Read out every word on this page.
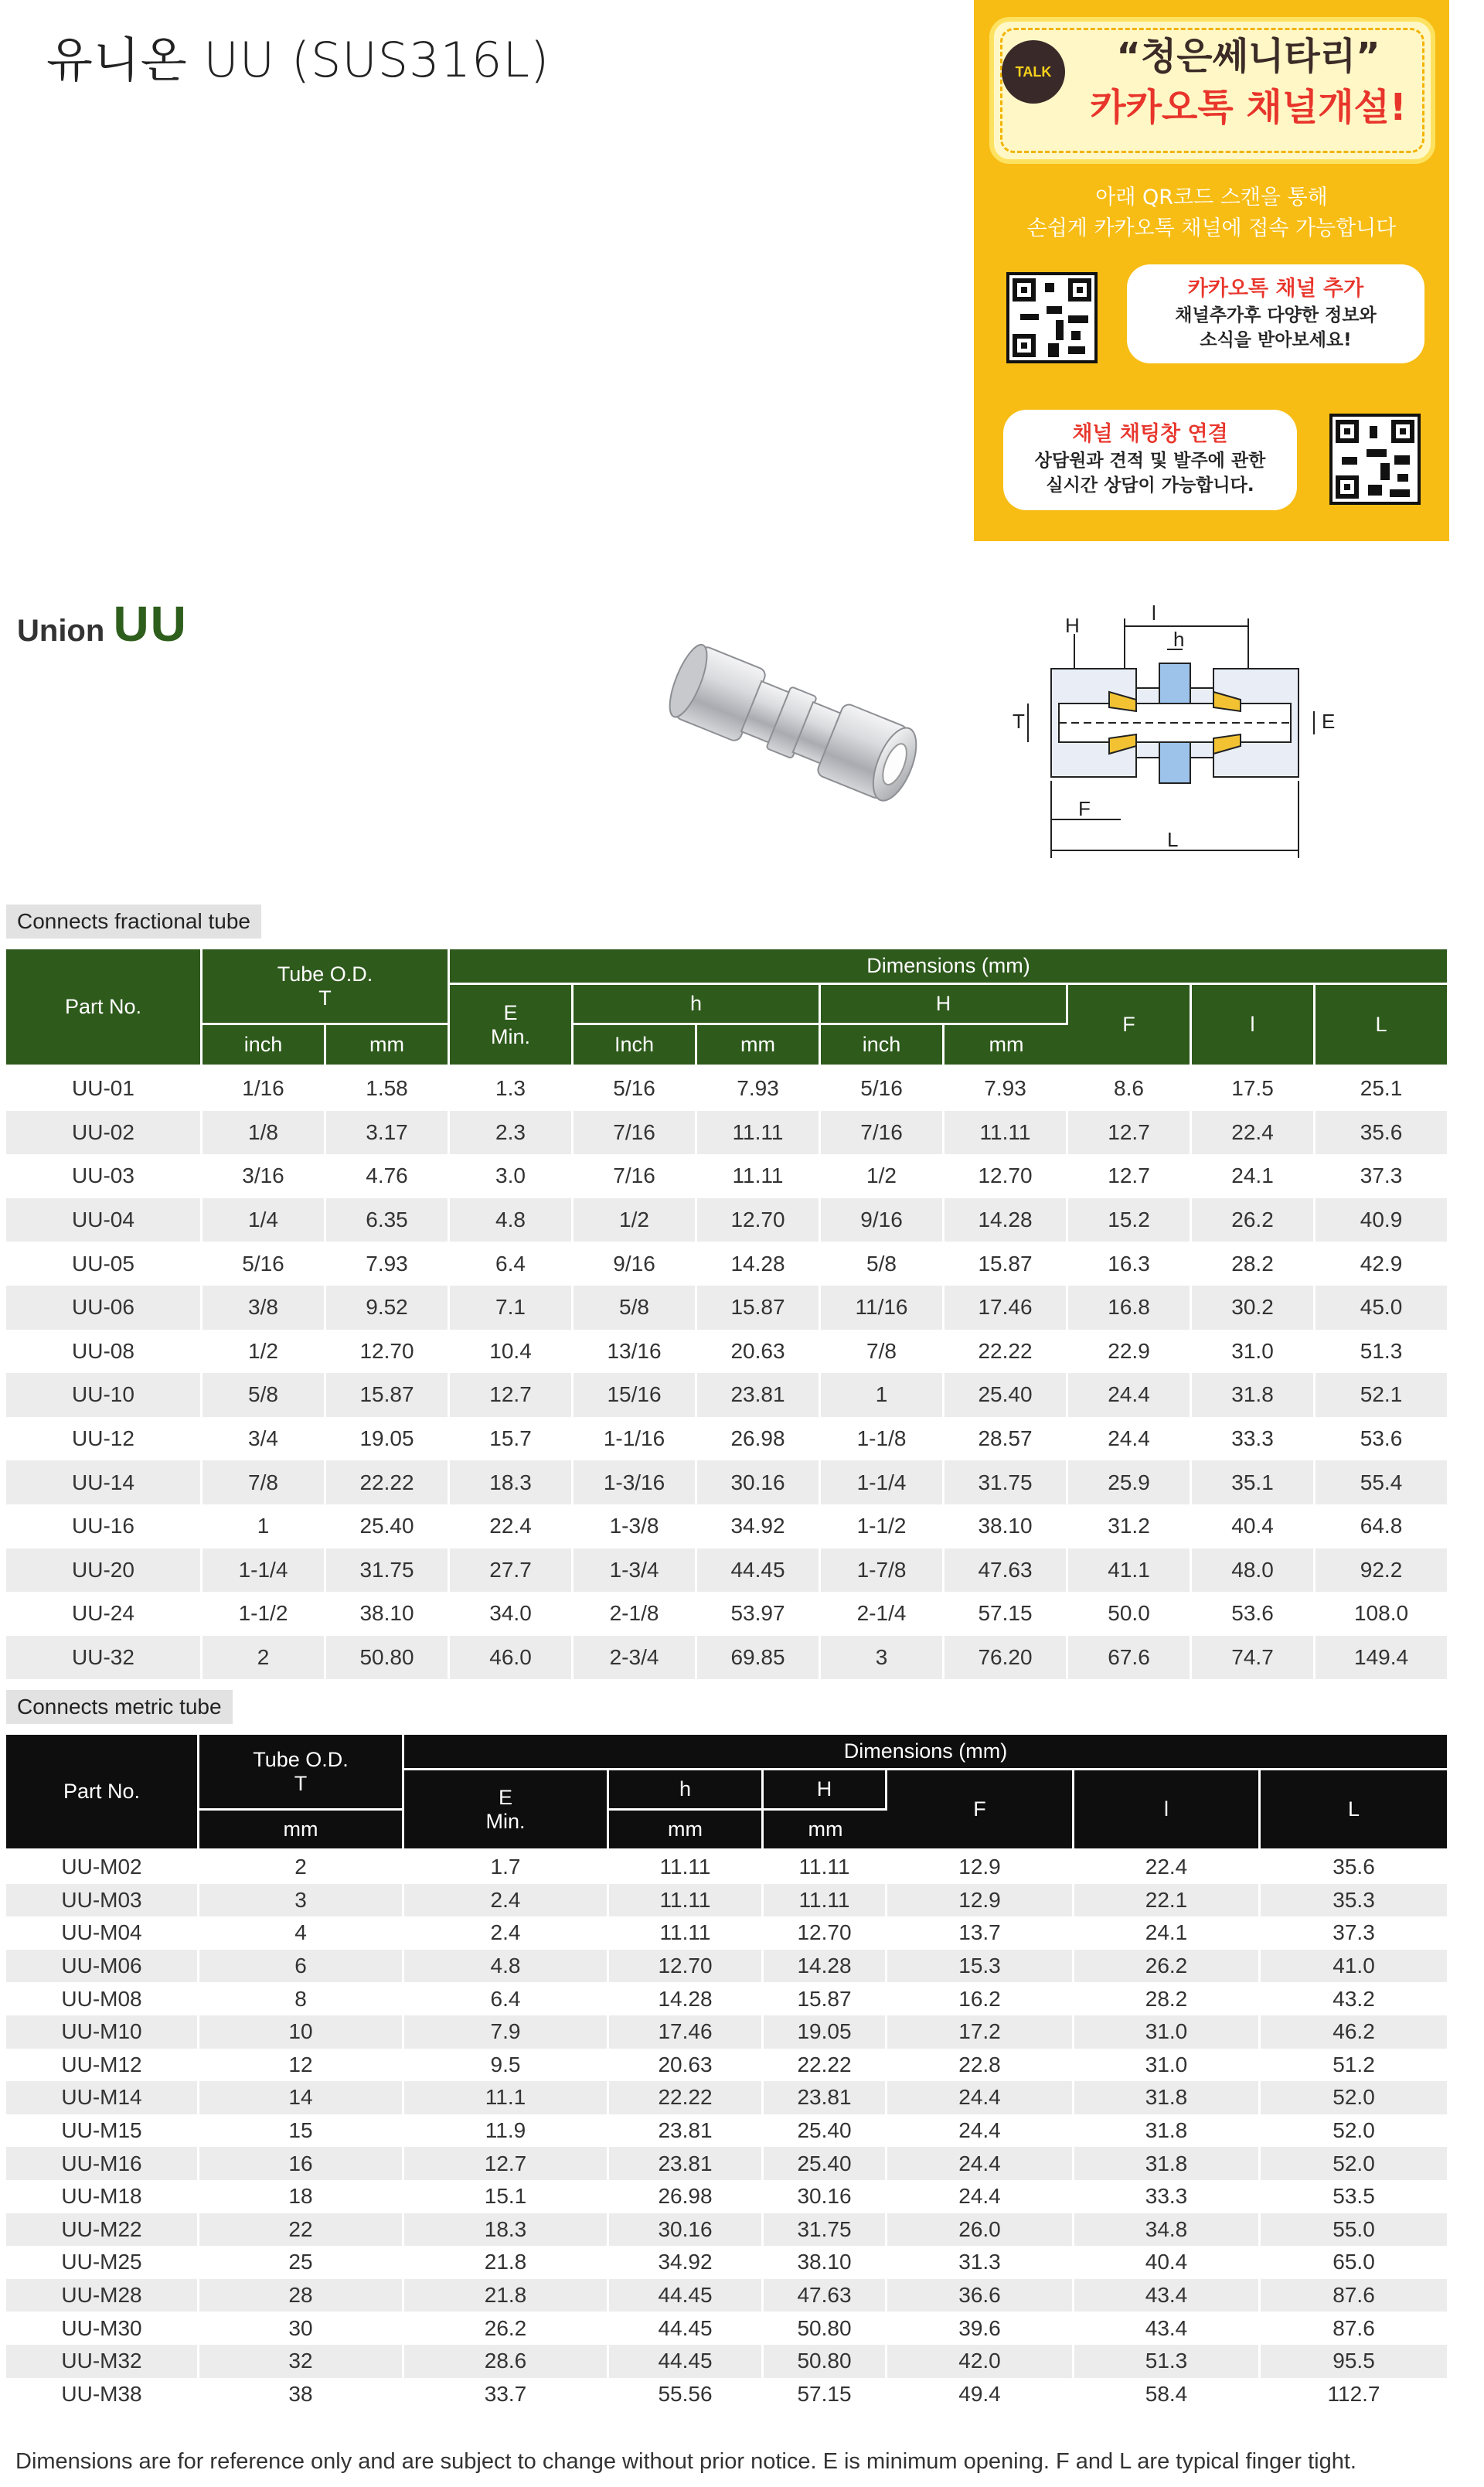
유니온 UU (SUS316L)	TALK	“청은쎄니타리”
카카오톡 채널개설!
아래 QR코드 스캔을 통해
손쉽게 카카오톡 채널에 접속 가능합니다
카카오톡 채널 추가
채널추가후 다양한 정보와
소식을 받아보세요!
채널 채팅창 연결
상담원과 견적 및 발주에 관한
실시간 상담이 가능합니다.
Union UU	H
h
l
T	E
F
L
Connects fractional tube
Part No.	Tube O.D.
T		Dimensions (mm)							

			E
Min.	h		H		F	l	L
	inch	mm		Inch	mm	inch	mm			
UU-01	1/16	1.58	1.3	5/16	7.93	5/16	7.93	8.6	17.5	25.1
UU-02	1/8	3.17	2.3	7/16	11.11	7/16	11.11	12.7	22.4	35.6
UU-03	3/16	4.76	3.0	7/16	11.11	1/2	12.70	12.7	24.1	37.3
UU-04	1/4	6.35	4.8	1/2	12.70	9/16	14.28	15.2	26.2	40.9
UU-05	5/16	7.93	6.4	9/16	14.28	5/8	15.87	16.3	28.2	42.9
UU-06	3/8	9.52	7.1	5/8	15.87	11/16	17.46	16.8	30.2	45.0
UU-08	1/2	12.70	10.4	13/16	20.63	7/8	22.22	22.9	31.0	51.3
UU-10	5/8	15.87	12.7	15/16	23.81	1	25.40	24.4	31.8	52.1
UU-12	3/4	19.05	15.7	1-1/16	26.98	1-1/8	28.57	24.4	33.3	53.6
UU-14	7/8	22.22	18.3	1-3/16	30.16	1-1/4	31.75	25.9	35.1	55.4
UU-16	1	25.40	22.4	1-3/8	34.92	1-1/2	38.10	31.2	40.4	64.8
UU-20	1-1/4	31.75	27.7	1-3/4	44.45	1-7/8	47.63	41.1	48.0	92.2
UU-24	1-1/2	38.10	34.0	2-1/8	53.97	2-1/4	57.15	50.0	53.6	108.0
UU-32	2	50.80	46.0	2-3/4	69.85	3	76.20	67.6	74.7	149.4
Connects metric tube
Part No.	Tube O.D.
T	Dimensions (mm)					

		E
Min.	h	H	F	l	L
	mm		mm	mm			
UU-M02	2	1.7	11.11	11.11	12.9	22.4	35.6
UU-M03	3	2.4	11.11	11.11	12.9	22.1	35.3
UU-M04	4	2.4	11.11	12.70	13.7	24.1	37.3
UU-M06	6	4.8	12.70	14.28	15.3	26.2	41.0
UU-M08	8	6.4	14.28	15.87	16.2	28.2	43.2
UU-M10	10	7.9	17.46	19.05	17.2	31.0	46.2
UU-M12	12	9.5	20.63	22.22	22.8	31.0	51.2
UU-M14	14	11.1	22.22	23.81	24.4	31.8	52.0
UU-M15	15	11.9	23.81	25.40	24.4	31.8	52.0
UU-M16	16	12.7	23.81	25.40	24.4	31.8	52.0
UU-M18	18	15.1	26.98	30.16	24.4	33.3	53.5
UU-M22	22	18.3	30.16	31.75	26.0	34.8	55.0
UU-M25	25	21.8	34.92	38.10	31.3	40.4	65.0
UU-M28	28	21.8	44.45	47.63	36.6	43.4	87.6
UU-M30	30	26.2	44.45	50.80	39.6	43.4	87.6
UU-M32	32	28.6	44.45	50.80	42.0	51.3	95.5
UU-M38	38	33.7	55.56	57.15	49.4	58.4	112.7
Dimensions are for reference only and are subject to change without prior notice. E is minimum opening. F and L are typical finger tight.
